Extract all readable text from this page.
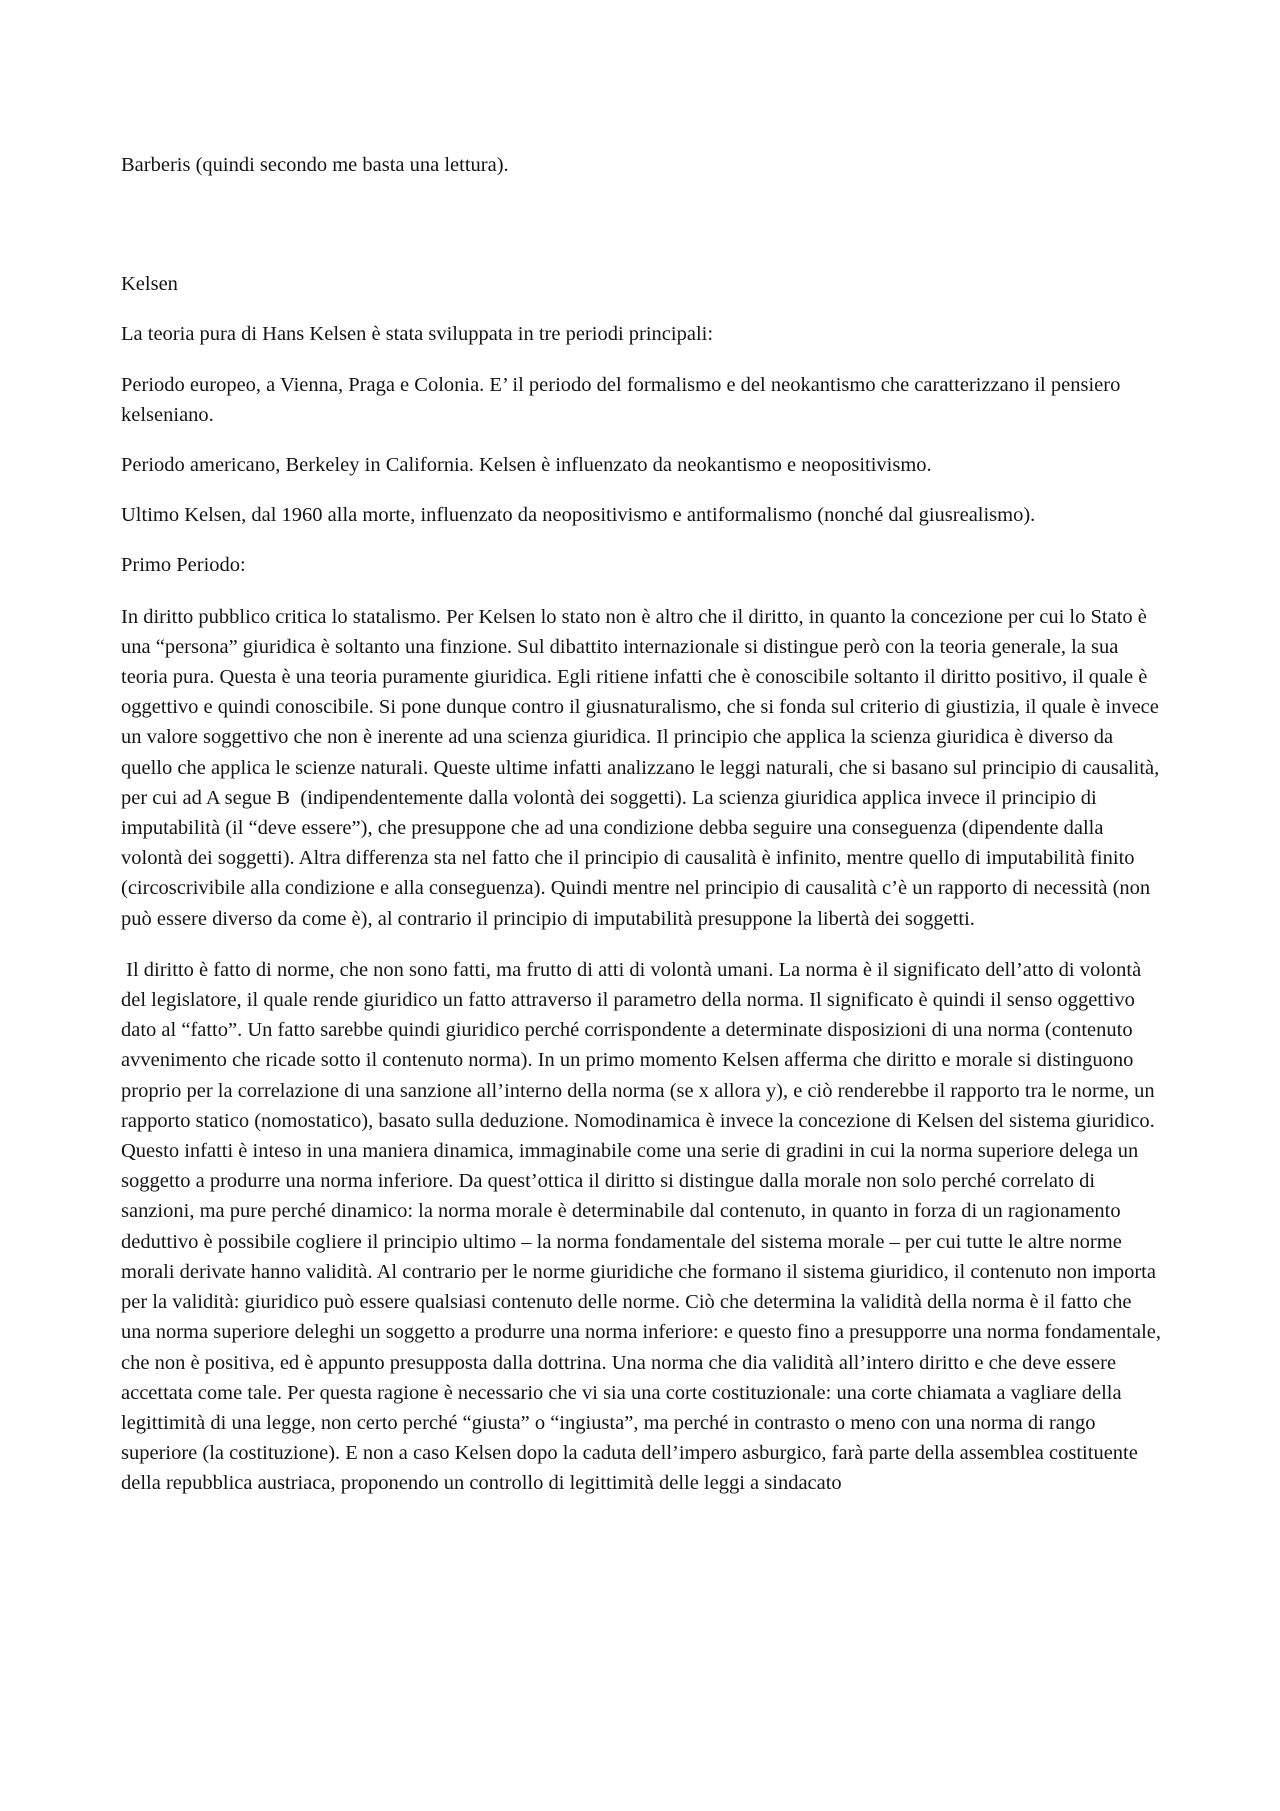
Barberis (quindi secondo me basta una lettura).

Kelsen

La teoria pura di Hans Kelsen è stata sviluppata in tre periodi principali:

Periodo europeo, a Vienna, Praga e Colonia. E’ il periodo del formalismo e del neokantismo che caratterizzano il pensiero kelseniano.

Periodo americano, Berkeley in California. Kelsen è influenzato da neokantismo e neopositivismo.

Ultimo Kelsen, dal 1960 alla morte, influenzato da neopositivismo e antiformalismo (nonché dal giusrealismo).

Primo Periodo:

In diritto pubblico critica lo statalismo. Per Kelsen lo stato non è altro che il diritto, in quanto la concezione per cui lo Stato è una “persona” giuridica è soltanto una finzione. Sul dibattito internazionale si distingue però con la teoria generale, la sua teoria pura. Questa è una teoria puramente giuridica. Egli ritiene infatti che è conoscibile soltanto il diritto positivo, il quale è oggettivo e quindi conoscibile. Si pone dunque contro il giusnaturalismo, che si fonda sul criterio di giustizia, il quale è invece un valore soggettivo che non è inerente ad una scienza giuridica. Il principio che applica la scienza giuridica è diverso da quello che applica le scienze naturali. Queste ultime infatti analizzano le leggi naturali, che si basano sul principio di causalità, per cui ad A segue B  (indipendentemente dalla volontà dei soggetti). La scienza giuridica applica invece il principio di imputabilità (il “deve essere”), che presuppone che ad una condizione debba seguire una conseguenza (dipendente dalla volontà dei soggetti). Altra differenza sta nel fatto che il principio di causalità è infinito, mentre quello di imputabilità finito (circoscrivibile alla condizione e alla conseguenza). Quindi mentre nel principio di causalità c’è un rapporto di necessità (non può essere diverso da come è), al contrario il principio di imputabilità presuppone la libertà dei soggetti.

Il diritto è fatto di norme, che non sono fatti, ma frutto di atti di volontà umani. La norma è il significato dell’atto di volontà del legislatore, il quale rende giuridico un fatto attraverso il parametro della norma. Il significato è quindi il senso oggettivo dato al “fatto”. Un fatto sarebbe quindi giuridico perché corrispondente a determinate disposizioni di una norma (contenuto avvenimento che ricade sotto il contenuto norma). In un primo momento Kelsen afferma che diritto e morale si distinguono proprio per la correlazione di una sanzione all’interno della norma (se x allora y), e ciò renderebbe il rapporto tra le norme, un rapporto statico (nomostatico), basato sulla deduzione. Nomodinamica è invece la concezione di Kelsen del sistema giuridico. Questo infatti è inteso in una maniera dinamica, immaginabile come una serie di gradini in cui la norma superiore delega un soggetto a produrre una norma inferiore. Da quest’ottica il diritto si distingue dalla morale non solo perché correlato di sanzioni, ma pure perché dinamico: la norma morale è determinabile dal contenuto, in quanto in forza di un ragionamento deduttivo è possibile cogliere il principio ultimo – la norma fondamentale del sistema morale – per cui tutte le altre norme morali derivate hanno validità. Al contrario per le norme giuridiche che formano il sistema giuridico, il contenuto non importa per la validità: giuridico può essere qualsiasi contenuto delle norme. Ciò che determina la validità della norma è il fatto che una norma superiore deleghi un soggetto a produrre una norma inferiore: e questo fino a presupporre una norma fondamentale, che non è positiva, ed è appunto presupposta dalla dottrina. Una norma che dia validità all’intero diritto e che deve essere accettata come tale. Per questa ragione è necessario che vi sia una corte costituzionale: una corte chiamata a vagliare della legittimità di una legge, non certo perché “giusta” o “ingiusta”, ma perché in contrasto o meno con una norma di rango superiore (la costituzione). E non a caso Kelsen dopo la caduta dell’impero asburgico, farà parte della assemblea costituente della repubblica austriaca, proponendo un controllo di legittimità delle leggi a sindacato
